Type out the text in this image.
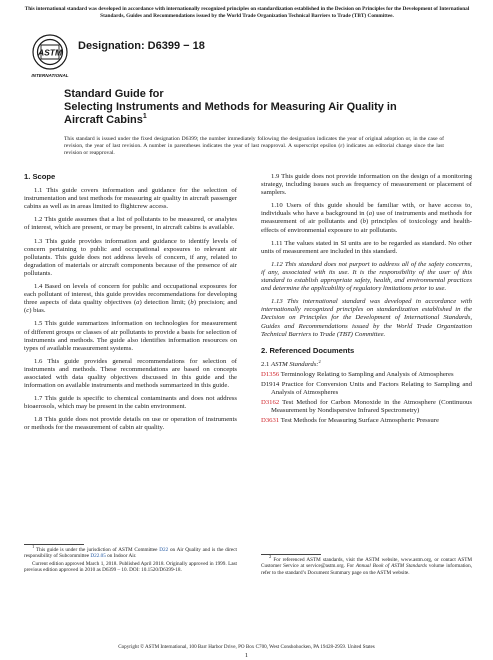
This international standard was developed in accordance with internationally recognized principles on standardization established in the Decision on Principles for the Development of International Standards, Guides and Recommendations issued by the World Trade Organization Technical Barriers to Trade (TBT) Committee.
ASTM
INTERNATIONAL
Designation: D6399 − 18
Standard Guide for
Selecting Instruments and Methods for Measuring Air Quality in Aircraft Cabins$^1$
This standard is issued under the fixed designation D6399; the number immediately following the designation indicates the year of original adoption or, in the case of revision, the year of last revision. A number in parentheses indicates the year of last reapproval. A superscript epsilon (ε) indicates an editorial change since the last revision or reapproval.
1. Scope

1.1 This guide covers information and guidance for the selection of instrumentation and test methods for measuring air quality in aircraft passenger cabins as well as in areas limited to flightcrew access.

1.2 This guide assumes that a list of pollutants to be measured, or analytes of interest, which are present, or may be present, in aircraft cabins is available.

1.3 This guide provides information and guidance to identify levels of concern pertaining to public and occupational exposures to relevant air pollutants. This guide does not address levels of concern, if any, related to degradation of materials or aircraft components because of the presence of air pollutants.

1.4 Based on levels of concern for public and occupational exposures for each pollutant of interest, this guide provides recommendations for developing three aspects of data quality objectives (a) detection limit; (b) precision; and (c) bias.

1.5 This guide summarizes information on technologies for measurement of different groups or classes of air pollutants to provide a basis for selection of instruments and methods. The guide also identifies information resources on types of available measurement systems.

1.6 This guide provides general recommendations for selection of instruments and methods. These recommendations are based on concepts associated with data quality objectives discussed in this guide and the information on available instruments and methods summarized in this guide.

1.7 This guide is specific to chemical contaminants and does not address bioaerosols, which may be present in the cabin environment.

1.8 This guide does not provide details on use or operation of instruments or methods for the measurement of cabin air quality.

1.9 This guide does not provide information on the design of a monitoring strategy, including issues such as frequency of measurement or placement of samplers.

1.10 Users of this guide should be familiar with, or have access to, individuals who have a background in (a) use of instruments and methods for measurement of air pollutants and (b) principles of toxicology and health-effects of environmental exposure to air pollutants.

1.11 The values stated in SI units are to be regarded as standard. No other units of measurement are included in this standard.

1.12 This standard does not purport to address all of the safety concerns, if any, associated with its use. It is the responsibility of the user of this standard to establish appropriate safety, health, and environmental practices and determine the applicability of regulatory limitations prior to use.

1.13 This international standard was developed in accordance with internationally recognized principles on standardization established in the Decision on Principles for the Development of International Standards, Guides and Recommendations issued by the World Trade Organization Technical Barriers to Trade (TBT) Committee.

2. Referenced Documents
2.1 ASTM Standards:$^2$
D1356 Terminology Relating to Sampling and Analysis of Atmospheres
D1914 Practice for Conversion Units and Factors Relating to Sampling and Analysis of Atmospheres
D3162 Test Method for Carbon Monoxide in the Atmosphere (Continuous Measurement by Nondispersive Infrared Spectrometry)
D3631 Test Methods for Measuring Surface Atmospheric Pressure

$^1$ This guide is under the jurisdiction of ASTM Committee D22 on Air Quality and is the direct responsibility of Subcommittee D22.05 on Indoor Air.

Current edition approved March 1, 2018. Published April 2018. Originally approved in 1999. Last previous edition approved in 2010 as D6399 – 10. DOI: 10.1520/D6399-18.

$^2$ For referenced ASTM standards, visit the ASTM website, www.astm.org, or contact ASTM Customer Service at service@astm.org. For Annual Book of ASTM Standards volume information, refer to the standard’s Document Summary page on the ASTM website.

Copyright © ASTM International, 100 Barr Harbor Drive, PO Box C700, West Conshohocken, PA 19428-2959. United States
1
